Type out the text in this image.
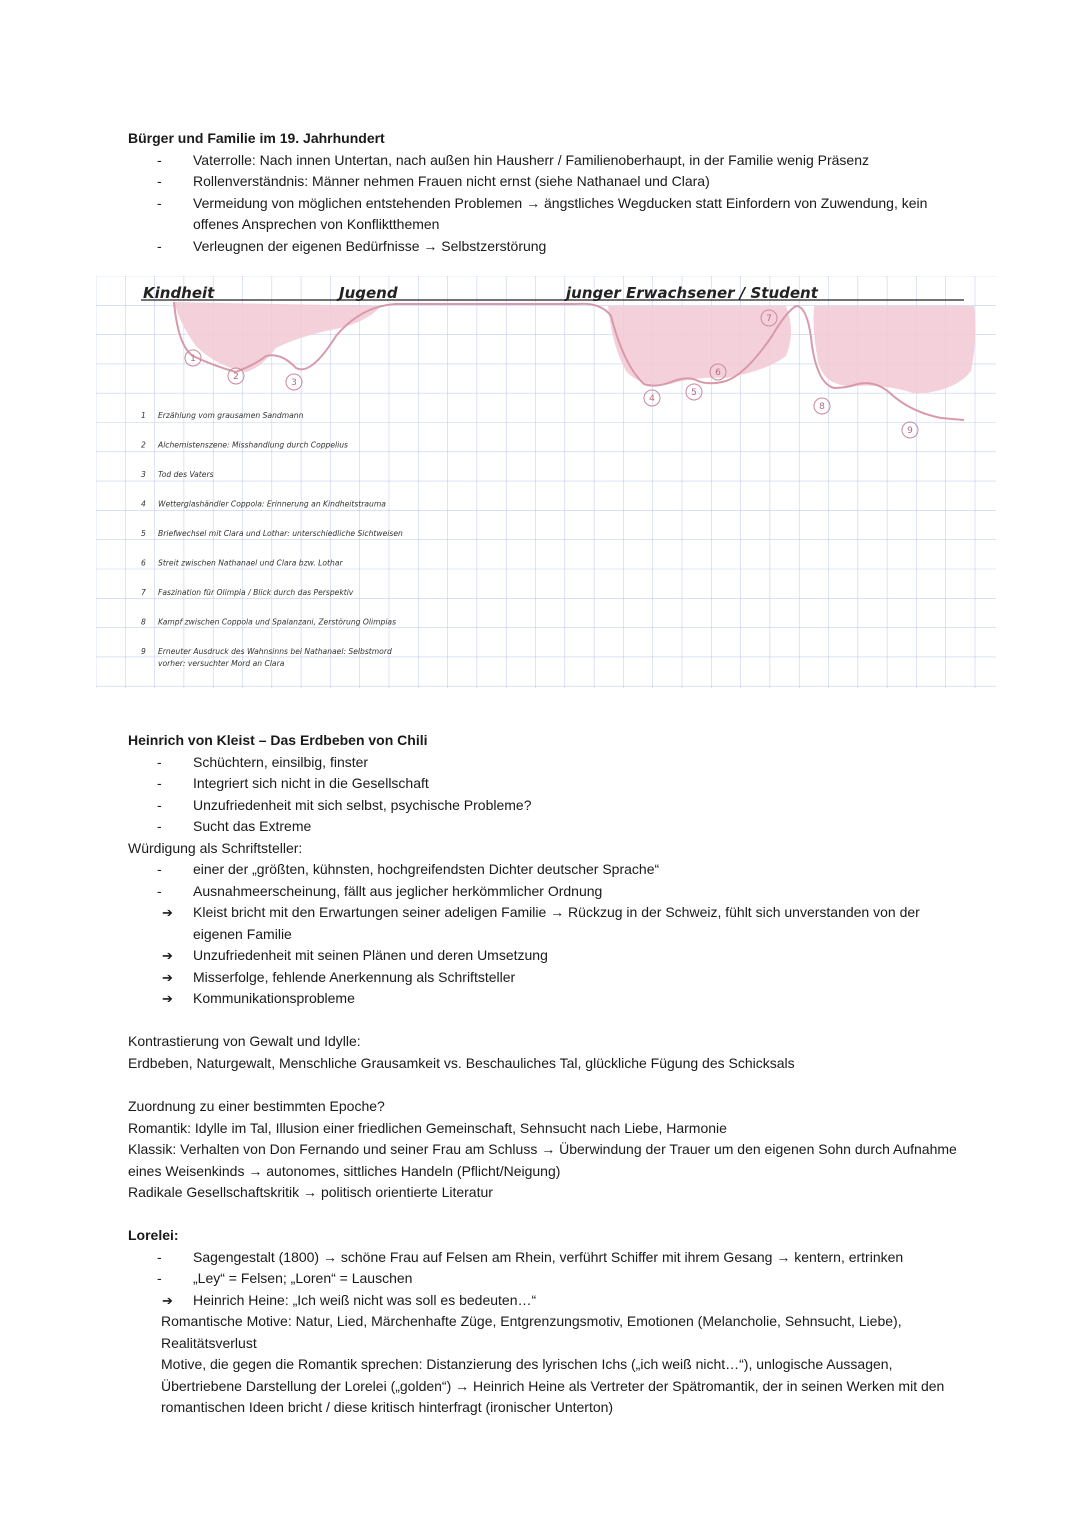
Bürger und Familie im 19. Jahrhundert
- Vaterrolle: Nach innen Untertan, nach außen hin Hausherr / Familienoberhaupt, in der Familie wenig Präsenz
- Rollenverständnis: Männer nehmen Frauen nicht ernst (siehe Nathanael und Clara)
- Vermeidung von möglichen entstehenden Problemen → ängstliches Wegducken statt Einfordern von Zuwendung, kein offenes Ansprechen von Konfliktthemen
- Verleugnen der eigenen Bedürfnisse → Selbstzerstörung
1
2
3
4
5
6
7
8
9
Kindheit	Jugend	junger Erwachsener / Student
1 Erzählung vom grausamen Sandmann
2 Alchemistenszene: Misshandlung durch Coppelius
3 Tod des Vaters
4 Wetterglashändler Coppola: Erinnerung an Kindheitstrauma
5 Briefwechsel mit Clara und Lothar: unterschiedliche Sichtweisen
6 Streit zwischen Nathanael und Clara bzw. Lothar
7 Faszination für Olimpia / Blick durch das Perspektiv
8 Kampf zwischen Coppola und Spalanzani, Zerstörung Olimpias
9 Erneuter Ausdruck des Wahnsinns bei Nathanael: Selbstmord
vorher: versuchter Mord an Clara
Heinrich von Kleist – Das Erdbeben von Chili
- Schüchtern, einsilbig, finster
- Integriert sich nicht in die Gesellschaft
- Unzufriedenheit mit sich selbst, psychische Probleme?
- Sucht das Extreme
Würdigung als Schriftsteller:
- einer der „größten, kühnsten, hochgreifendsten Dichter deutscher Sprache“
- Ausnahmeerscheinung, fällt aus jeglicher herkömmlicher Ordnung
➔ Kleist bricht mit den Erwartungen seiner adeligen Familie → Rückzug in der Schweiz, fühlt sich unverstanden von der eigenen Familie
➔ Unzufriedenheit mit seinen Plänen und deren Umsetzung
➔ Misserfolge, fehlende Anerkennung als Schriftsteller
➔ Kommunikationsprobleme
Kontrastierung von Gewalt und Idylle:
Erdbeben, Naturgewalt, Menschliche Grausamkeit vs. Beschauliches Tal, glückliche Fügung des Schicksals
Zuordnung zu einer bestimmten Epoche?
Romantik: Idylle im Tal, Illusion einer friedlichen Gemeinschaft, Sehnsucht nach Liebe, Harmonie
Klassik: Verhalten von Don Fernando und seiner Frau am Schluss → Überwindung der Trauer um den eigenen Sohn durch Aufnahme eines Weisenkinds → autonomes, sittliches Handeln (Pflicht/Neigung)
Radikale Gesellschaftskritik → politisch orientierte Literatur
Lorelei:
- Sagengestalt (1800) → schöne Frau auf Felsen am Rhein, verführt Schiffer mit ihrem Gesang → kentern, ertrinken
- „Ley“ = Felsen; „Loren“ = Lauschen
➔ Heinrich Heine: „Ich weiß nicht was soll es bedeuten…“
Romantische Motive: Natur, Lied, Märchenhafte Züge, Entgrenzungsmotiv, Emotionen (Melancholie, Sehnsucht, Liebe), Realitätsverlust
Motive, die gegen die Romantik sprechen: Distanzierung des lyrischen Ichs („ich weiß nicht…“), unlogische Aussagen, Übertriebene Darstellung der Lorelei („golden“) → Heinrich Heine als Vertreter der Spätromantik, der in seinen Werken mit den romantischen Ideen bricht / diese kritisch hinterfragt (ironischer Unterton)
